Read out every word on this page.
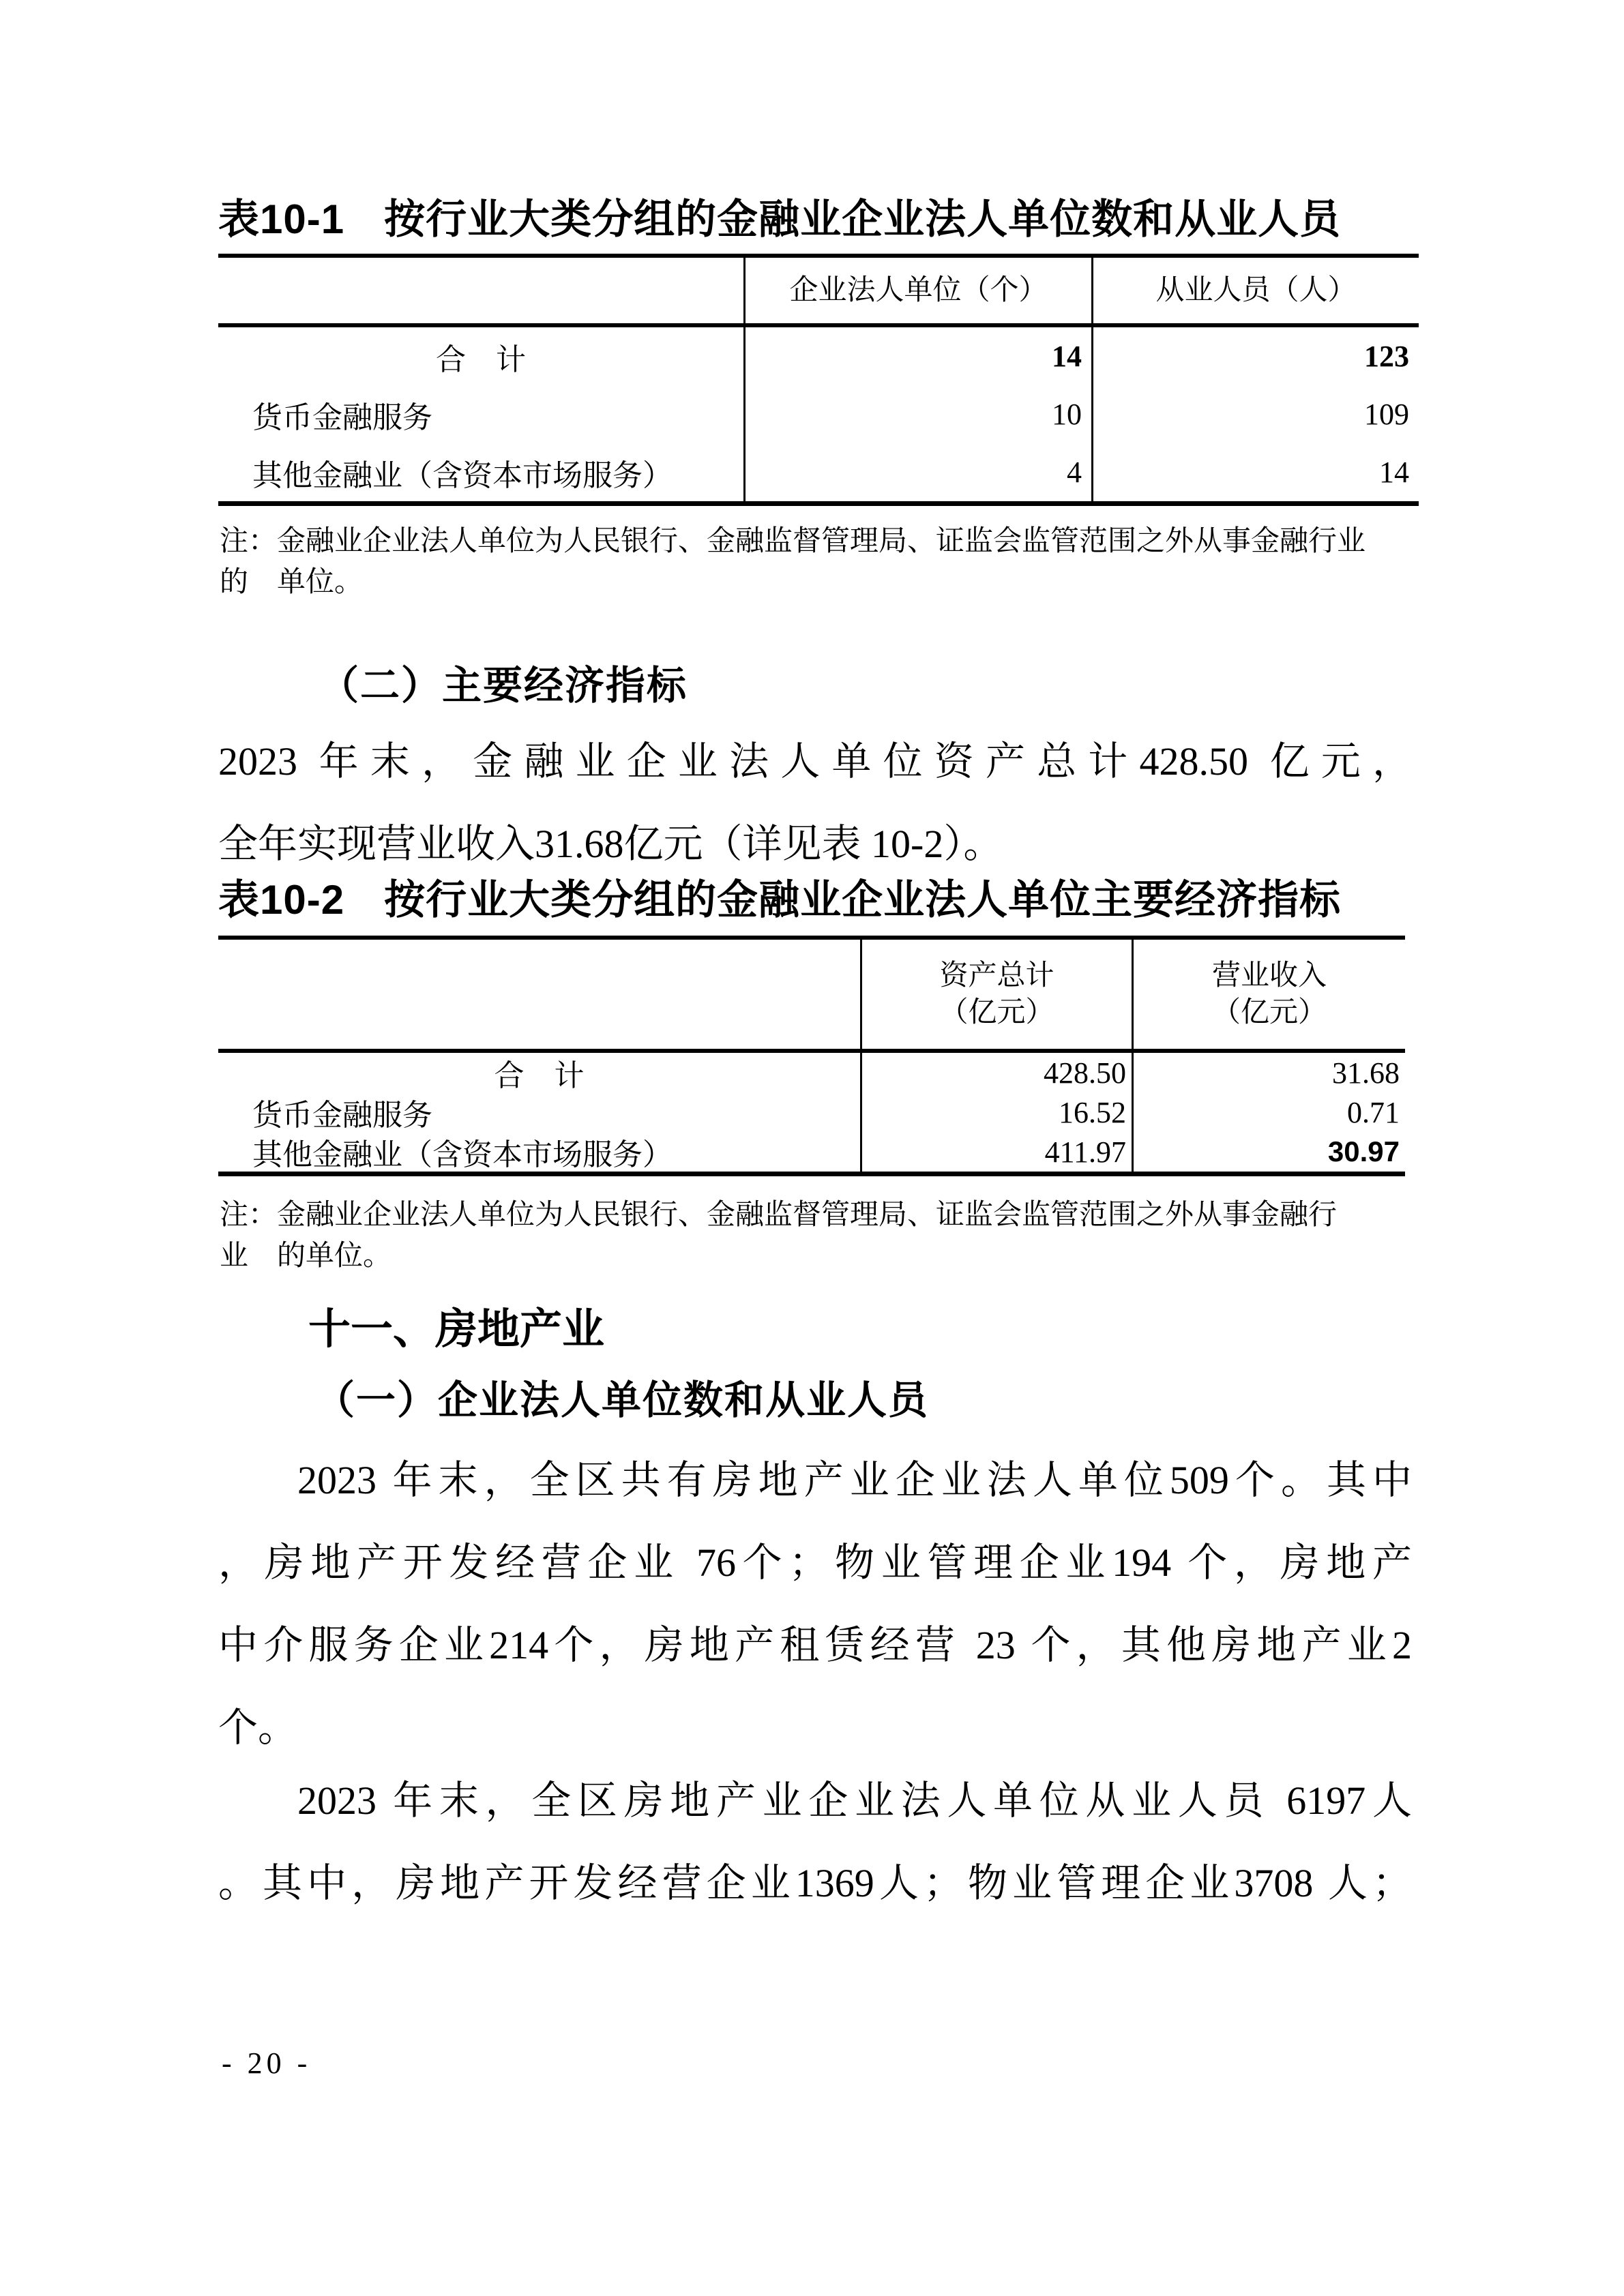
表10-1 按行业大类分组的金融业企业法人单位数和从业人员
企业法人单位（个）	从业人员（人）
合　计	14	123
货币金融服务	10	109
其他金融业（含资本市场服务）	4	14
注：金融业企业法人单位为人民银行、金融监督管理局、证监会监管范围之外从事金融行业
的　单位。
（二）主要经济指标

2023 年末，金融业企业法人单位资产总计428.50 亿元，

全年实现营业收入31.68亿元（详见表 10-2）。

表10-2 按行业大类分组的金融业企业法人单位主要经济指标
资产总计
（亿元）
营业收入
（亿元）
合　计	428.50	31.68
货币金融服务	16.52	0.71
其他金融业（含资本市场服务）	411.97	30.97
注：金融业企业法人单位为人民银行、金融监督管理局、证监会监管范围之外从事金融行
业　的单位。
十一、房地产业
（一）企业法人单位数和从业人员

2023 年末，全区共有房地产业企业法人单位509个。其中

，房地产开发经营企业 76个；物业管理企业194 个，房地产

中介服务企业214个，房地产租赁经营 23 个，其他房地产业2

个。

2023 年末，全区房地产业企业法人单位从业人员 6197人

。其中，房地产开发经营企业1369人；物业管理企业3708 人；

- 20 -
